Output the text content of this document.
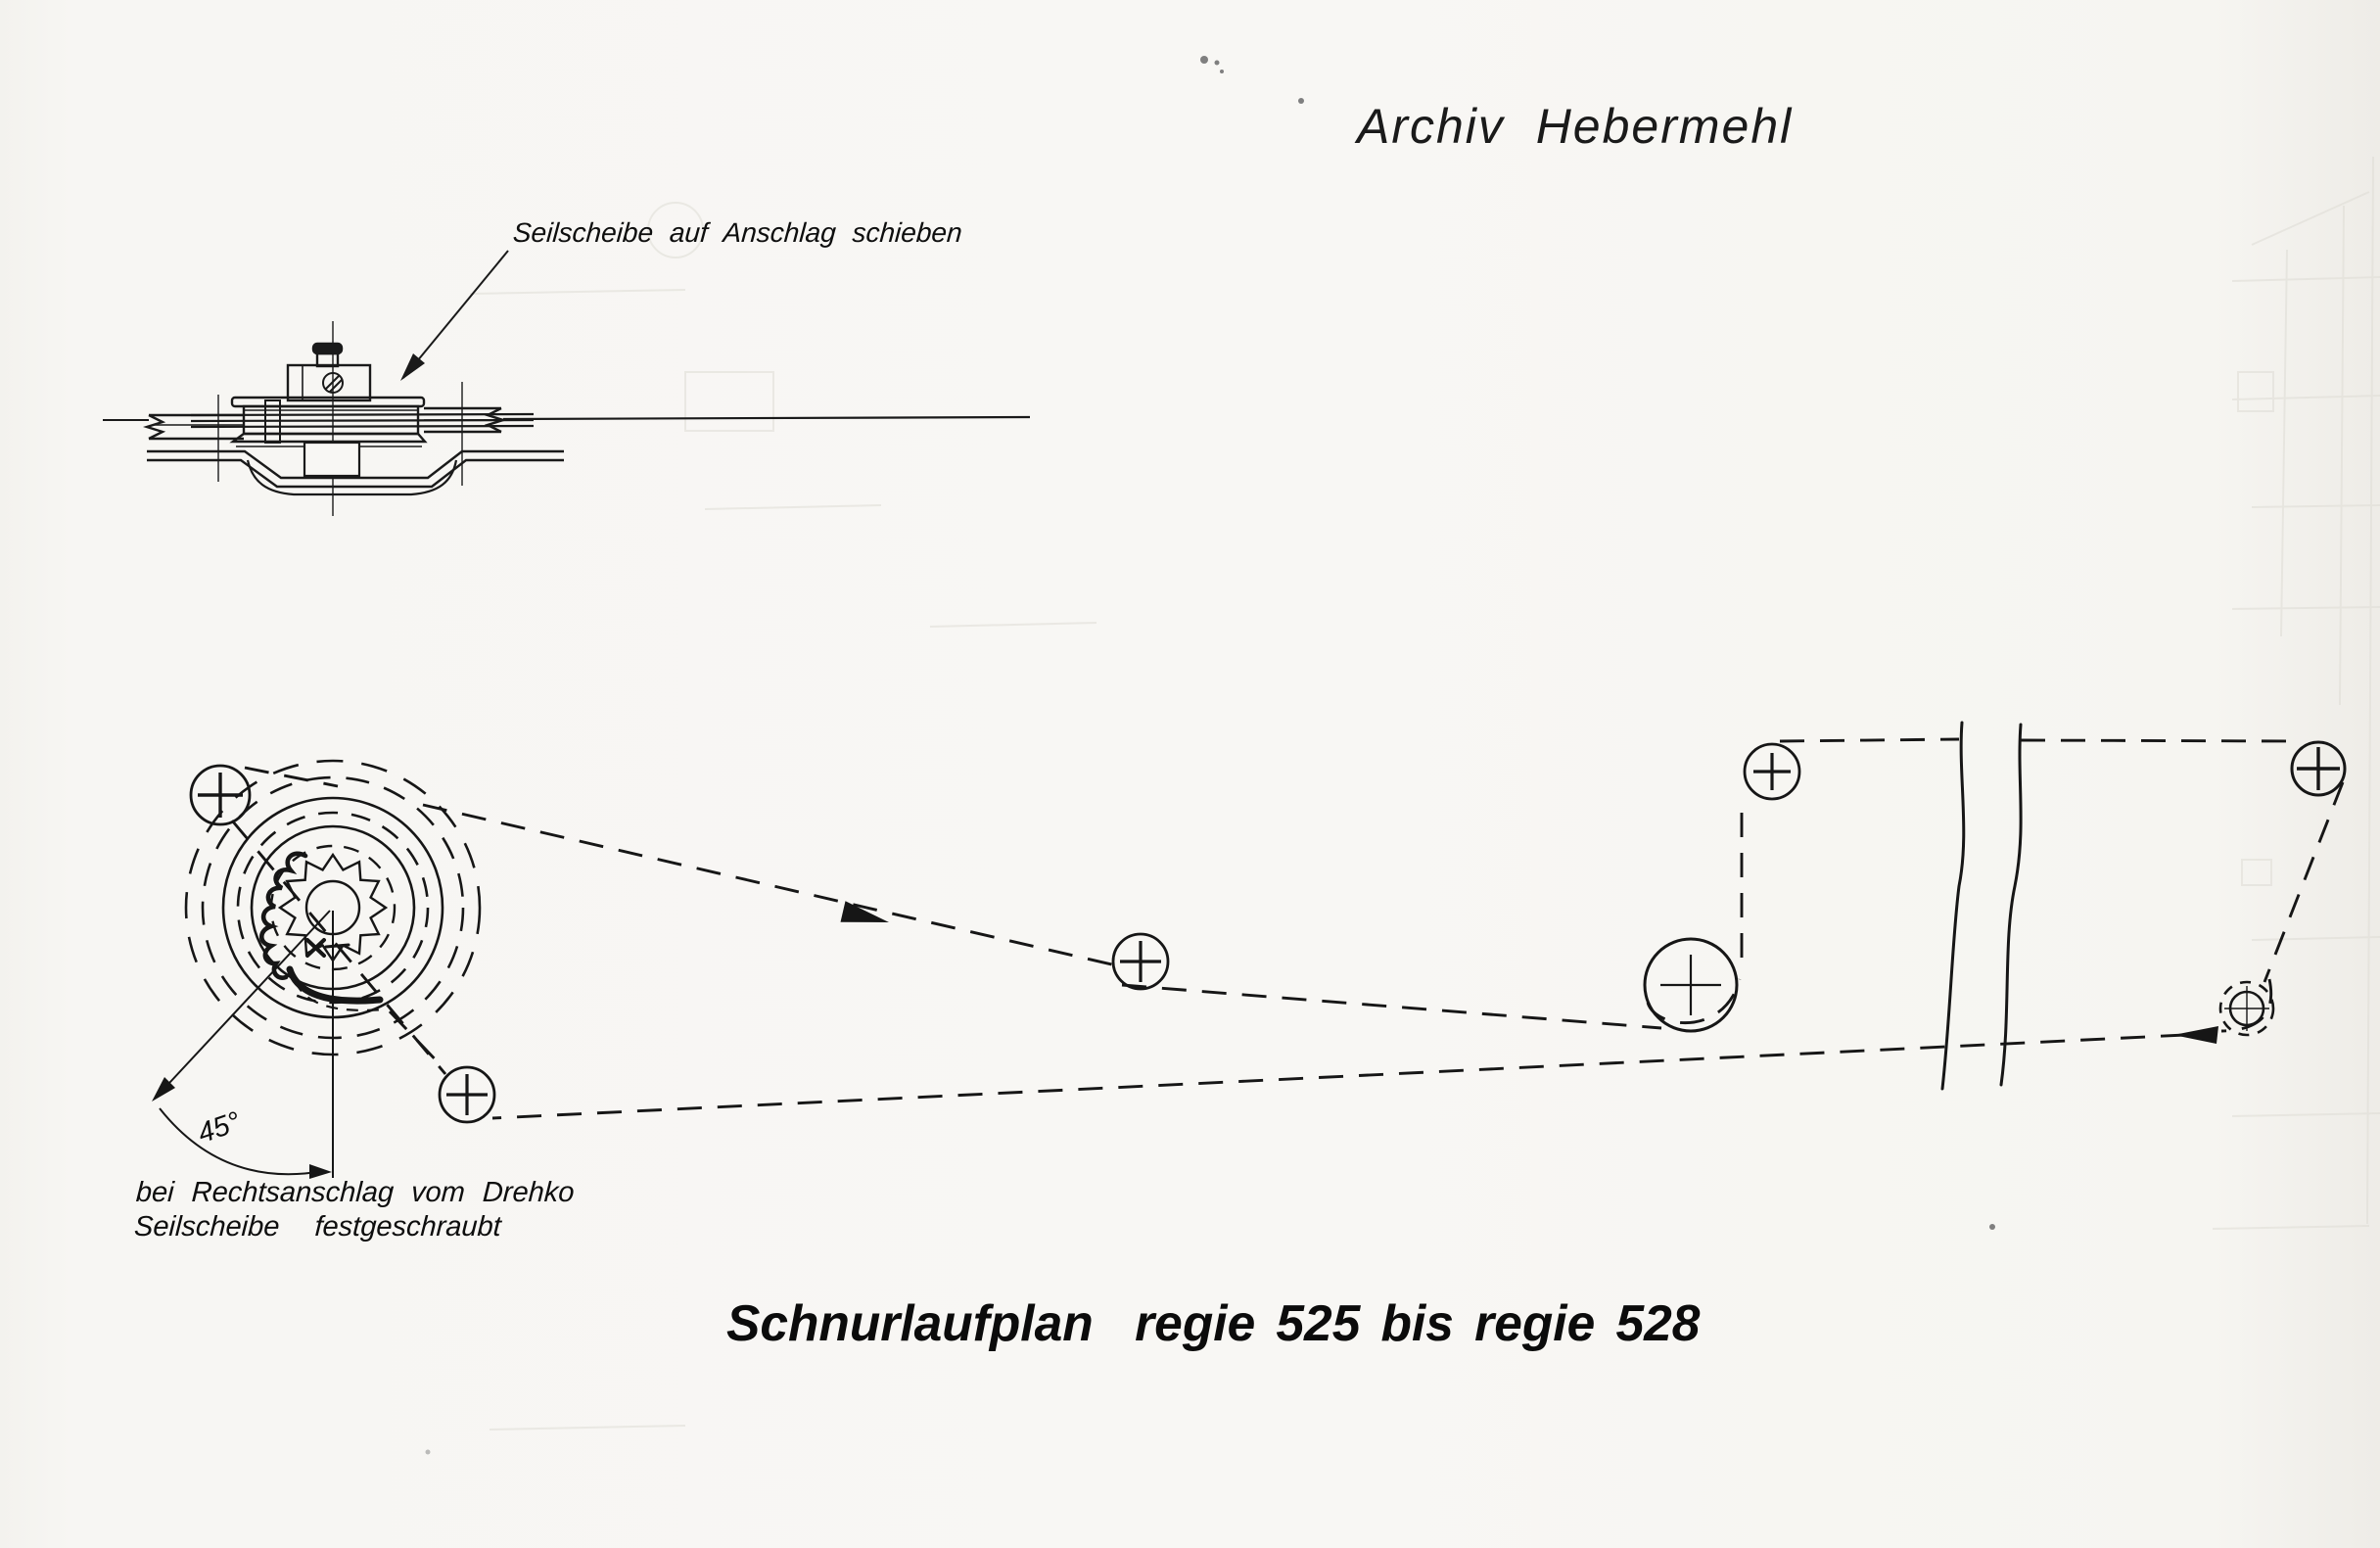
Archiv  Hebermehl
Seilscheibe auf Anschlag schieben
45°
bei Rechtsanschlag vom Drehko
Seilscheibe  festgeschraubt
Schnurlaufplan  regie 525 bis regie 528
